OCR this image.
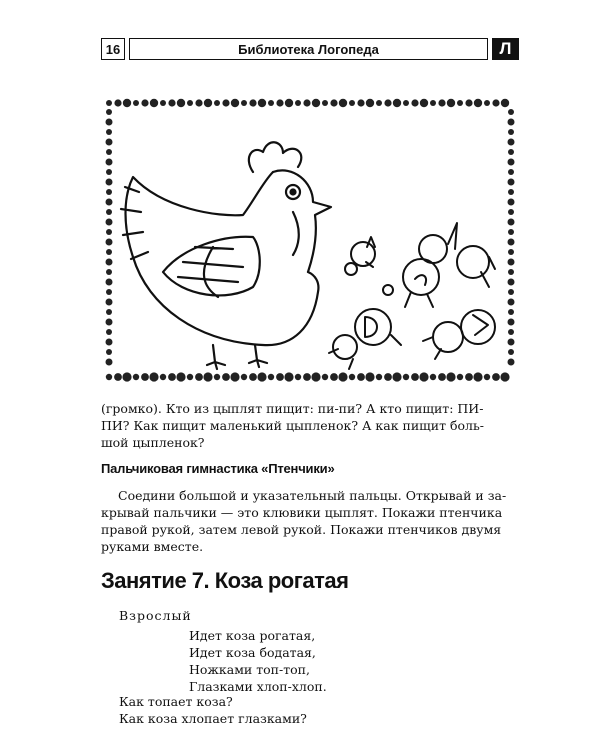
16	Библиотека Логопеда	Л
(громко). Кто из цыплят пищит: пи-пи? А кто пищит: ПИ-
ПИ? Как пищит маленький цыпленок? А как пищит боль-
шой цыпленок?
Пальчиковая гимнастика «Птенчики»
Соедини большой и указательный пальцы. Открывай и за-
крывай пальчики — это клювики цыплят. Покажи птенчика
правой рукой, затем левой рукой. Покажи птенчиков двумя
руками вместе.
Занятие 7. Коза рогатая
Взрослый
Идет коза рогатая,
Идет коза бодатая,
Ножками топ-топ,
Глазками хлоп-хлоп.
Как топает коза?
Как коза хлопает глазками?
